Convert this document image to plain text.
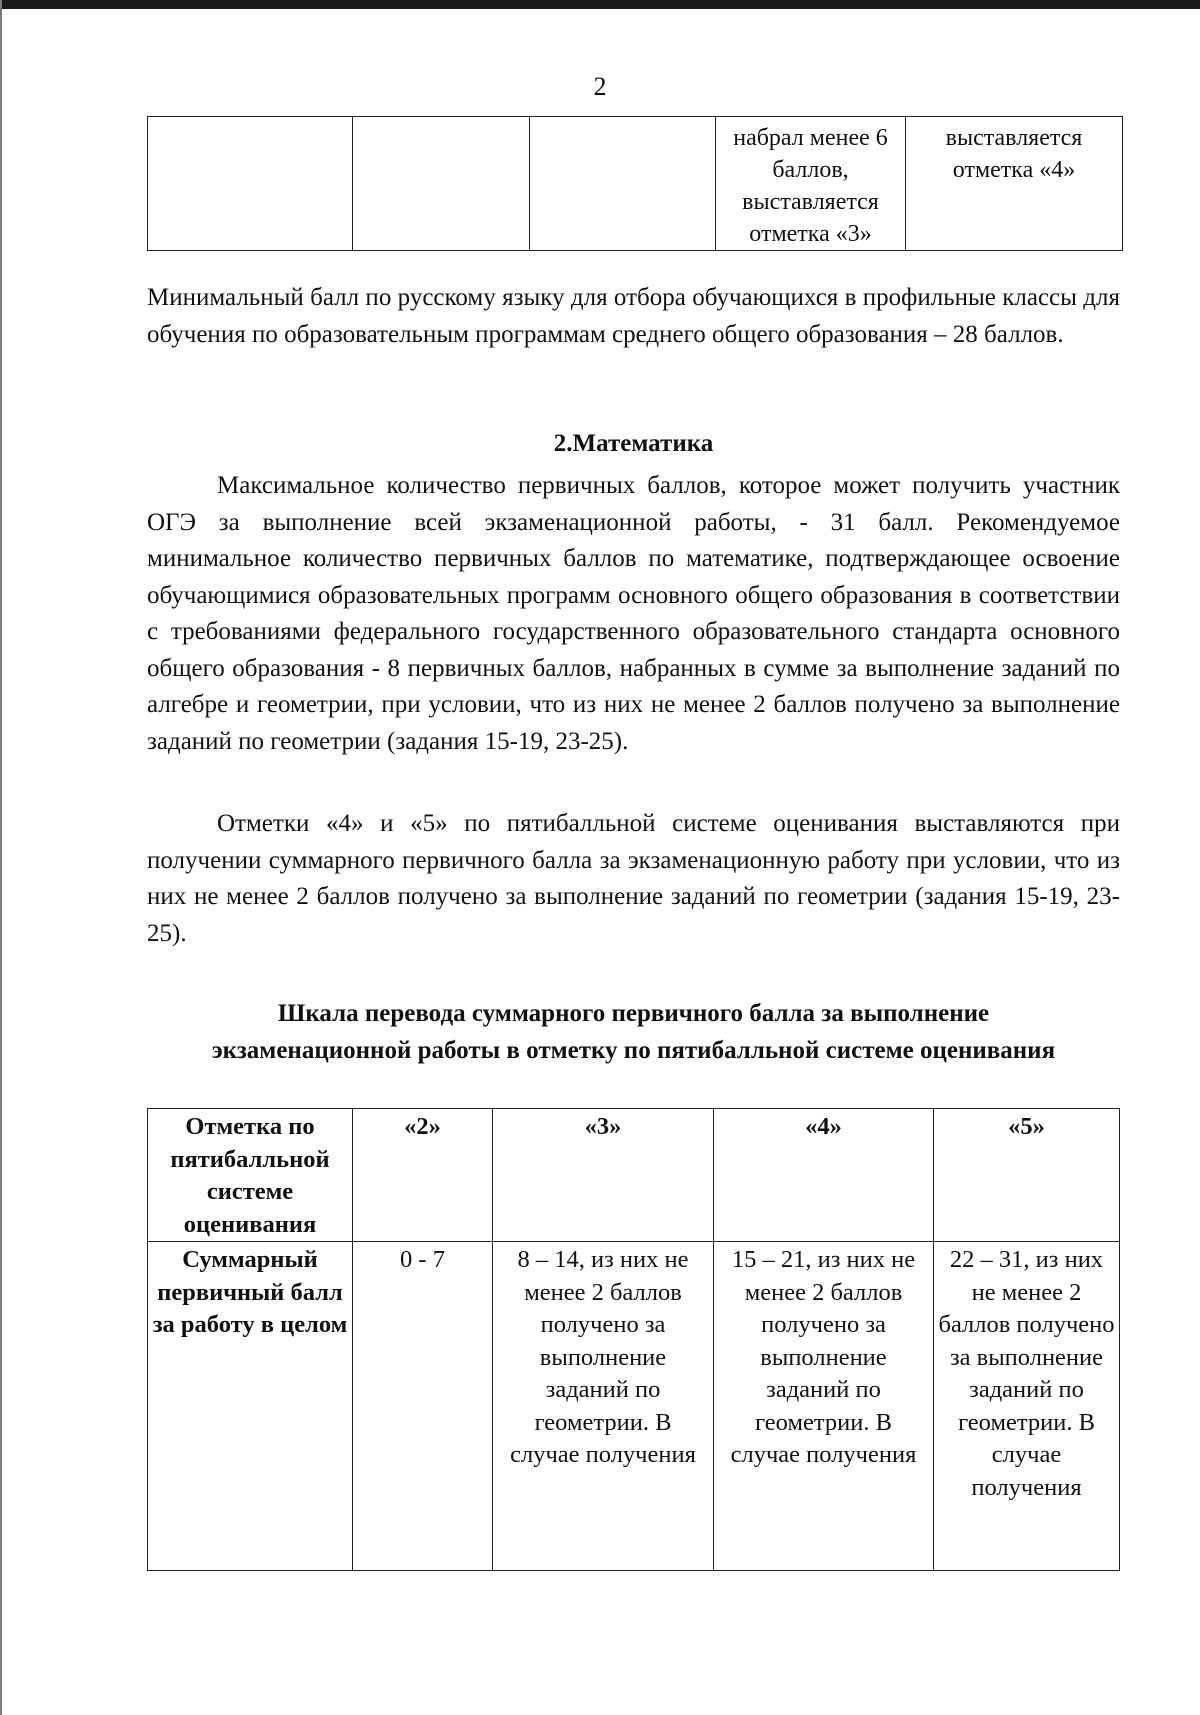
2
			набрал менее 6 баллов, выставляется отметка «3»	выставляется отметка «4»

Минимальный балл по русскому языку для отбора обучающихся в профильные классы для обучения по образовательным программам среднего общего образования – 28 баллов.

2.Математика

Максимальное количество первичных баллов, которое может получить участник ОГЭ за выполнение всей экзаменационной работы, - 31 балл. Рекомендуемое минимальное количество первичных баллов по математике, подтверждающее освоение обучающимися образовательных программ основного общего образования в соответствии с требованиями федерального государственного образовательного стандарта основного общего образования - 8 первичных баллов, набранных в сумме за выполнение заданий по алгебре и геометрии, при условии, что из них не менее 2 баллов получено за выполнение заданий по геометрии (задания 15-19, 23-25).

Отметки «4» и «5» по пятибалльной системе оценивания выставляются при получении суммарного первичного балла за экзаменационную работу при условии, что из них не менее 2 баллов получено за выполнение заданий по геометрии (задания 15-19, 23-25).

Шкала перевода суммарного первичного балла за выполнение
экзаменационной работы в отметку по пятибалльной системе оценивания
Отметка по пятибалльной системе оценивания	«2»	«3»	«4»	«5»
Суммарный первичный балл за работу в целом	0 - 7	8 – 14, из них не менее 2 баллов получено за выполнение заданий по геометрии. В случае получения	15 – 21, из них не менее 2 баллов получено за выполнение заданий по геометрии. В случае получения	22 – 31, из них не менее 2 баллов получено за выполнение заданий по геометрии. В случае получения
